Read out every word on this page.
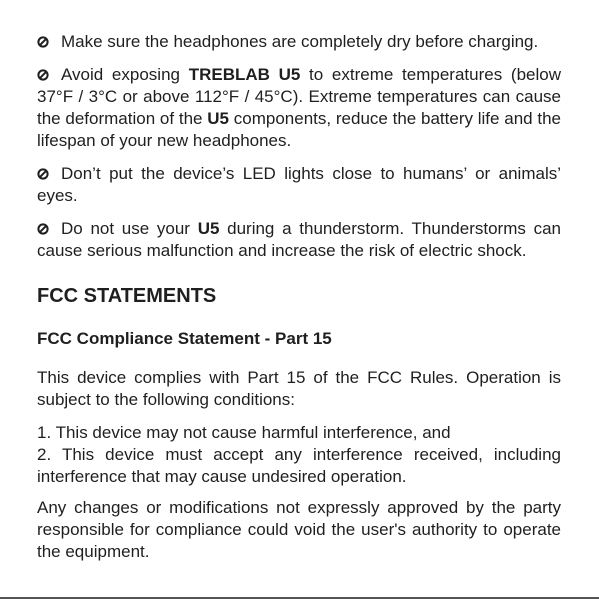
Make sure the headphones are completely dry before charging.

Avoid exposing TREBLAB U5 to extreme temperatures (below 37°F / 3°C or above 112°F / 45°C). Extreme temperatures can cause the deformation of the U5 components, reduce the battery life and the lifespan of your new headphones.

Don’t put the device’s LED lights close to humans’ or animals’ eyes.

Do not use your U5 during a thunderstorm. Thunderstorms can cause serious malfunction and increase the risk of electric shock.

FCC STATEMENTS
FCC Compliance Statement - Part 15

This device complies with Part 15 of the FCC Rules. Operation is subject to the following conditions:

1. This device may not cause harmful interference, and

2. This device must accept any interference received, including interference that may cause undesired operation.

Any changes or modifications not expressly approved by the party responsible for compliance could void the user's authority to operate the equipment.
